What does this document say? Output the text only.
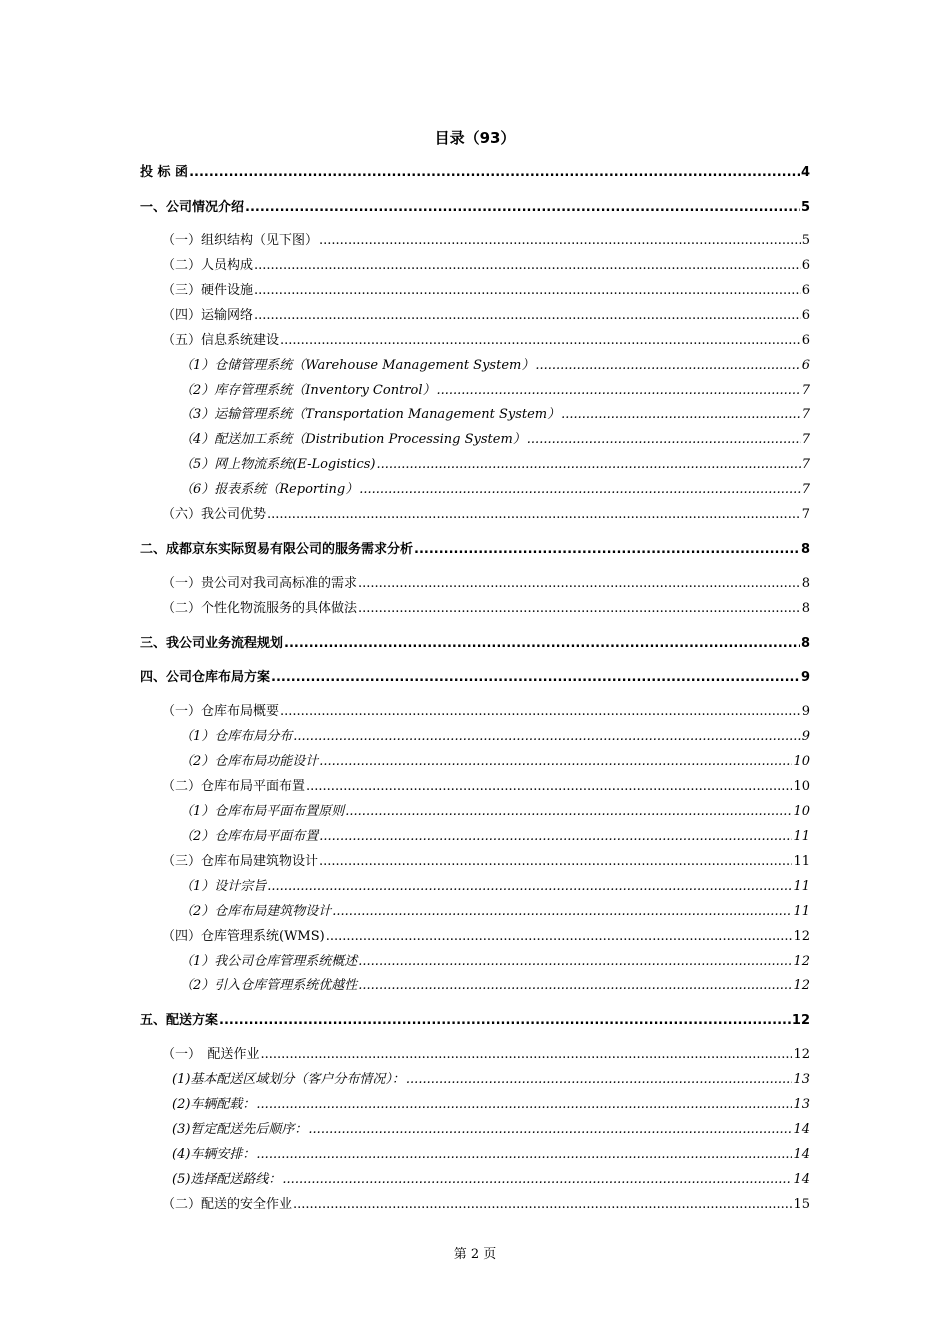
目录（93）
投 标 函 .....	4
一、公司情况介绍 .....	5
（一）组织结构（见下图） .....	5
（二）人员构成 .....	6
（三）硬件设施 .....	6
（四）运输网络 .....	6
（五）信息系统建设 .....	6
（1）仓储管理系统（Warehouse Management System） .....	6
（2）库存管理系统（Inventory Control） .....	7
（3）运输管理系统（Transportation Management System） .....	7
（4）配送加工系统（Distribution Processing System） .....	7
（5）网上物流系统(E-Logistics) .....	7
（6）报表系统（Reporting） .....	7
（六）我公司优势 .....	7
二、成都京东实际贸易有限公司的服务需求分析 .....	8
（一）贵公司对我司高标准的需求 .....	8
（二）个性化物流服务的具体做法 .....	8
三、我公司业务流程规划 .....	8
四、公司仓库布局方案 .....	9
（一）仓库布局概要 .....	9
（1）仓库布局分布 .....	9
（2）仓库布局功能设计 .....	10
（二）仓库布局平面布置 .....	10
（1）仓库布局平面布置原则 .....	10
（2）仓库布局平面布置 .....	11
（三）仓库布局建筑物设计 .....	11
（1）设计宗旨 .....	11
（2）仓库布局建筑物设计 .....	11
（四）仓库管理系统(WMS) .....	12
（1）我公司仓库管理系统概述 .....	12
（2）引入仓库管理系统优越性 .....	12
五、配送方案 .....	12
（一）　配送作业 .....	12
(1)基本配送区域划分（客户分布情况）： .....	13
(2)车辆配载： .....	13
(3)暂定配送先后顺序： .....	14
(4)车辆安排： .....	14
(5)选择配送路线： .....	14
（二）配送的安全作业 .....	15
第 2 页
